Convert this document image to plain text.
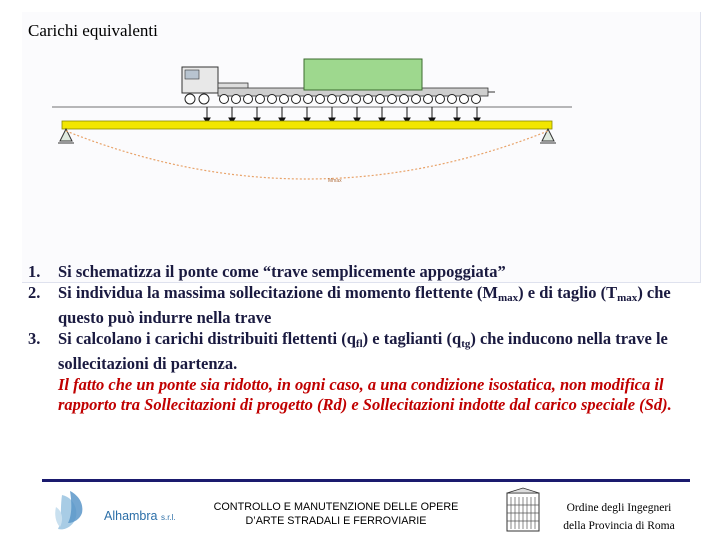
Carichi equivalenti
Mmax
1.	Si schematizza il ponte come “trave semplicemente appoggiata”
2.	Si individua la massima sollecitazione di momento flettente $(M_{max})$ e di taglio $(T_{max})$ che questo può indurre nella trave
3.	Si calcolano i carichi distribuiti flettenti $(q_{fl})$ e taglianti $(q_{tg})$ che inducono nella trave le sollecitazioni di partenza.
Il fatto che un ponte sia ridotto, in ogni caso, a una condizione isostatica, non modifica il rapporto tra Sollecitazioni di progetto (Rd) e Sollecitazioni indotte dal carico speciale (Sd).
Alhambra s.r.l.
CONTROLLO E MANUTENZIONE DELLE OPERE
D’ARTE STRADALI E FERROVIARIE
Ordine degli Ingegneri
della Provincia di Roma
